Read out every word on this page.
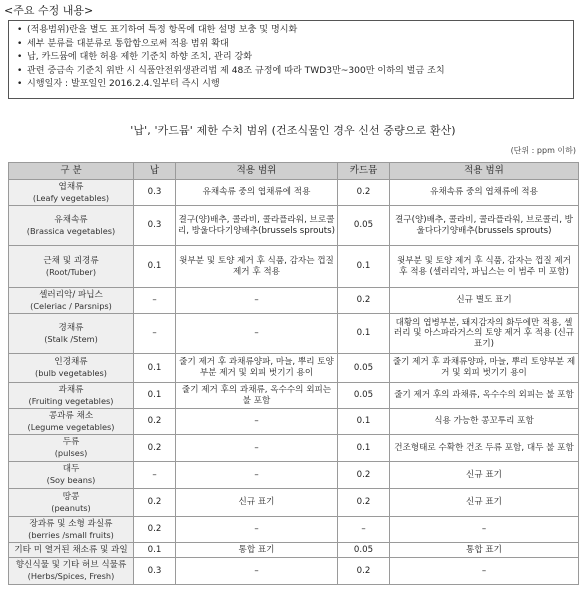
<주요 수정 내용>
• (적용범위)란을 별도 표기하여 특정 항목에 대한 설명 보충 및 명시화
• 세부 분류를 대분류로 통합함으로써 적용 범위 확대
• 납, 카드뮴에 대한 허용 제한 기준치 하향 조치, 관리 강화
• 관련 중금속 기준치 위반 시 식품안전위생관리법 제 48조 규정에 따라 TWD3만~300만 이하의 벌금 조치
• 시행일자 : 발포일인 2016.2.4.일부터 즉시 시행
'납', '카드뮴' 제한 수치 범위 (건조식물인 경우 신선 중량으로 환산)
(단위 : ppm 이하)
구 분	납	적용 범위	카드뮴	적용 범위

엽채류
(Leafy vegetables)	0.3	유채속류 중의 엽채류에 적용	0.2	유채속류 중의 엽채류에 적용

유채속류
(Brassica vegetables)	0.3	결구(양)배추, 콜라비, 콜라플라워, 브로콜리, 방울다다기양배추(brussels sprouts)	0.05	결구(양)배추, 콜라비, 콜라플라워, 브로콜리, 방울다다기양배추(brussels sprouts)

근채 및 괴경류
(Root/Tuber)	0.1	윗부분 및 토양 제거 후 식품, 감자는 껍질 제거 후 적용	0.1	윗부분 및 토양 제거 후 식품, 감자는 껍질 제거 후 적용 (셀러리악, 파닙스는 이 범주 미 포함)

셀러리악/ 파닙스
(Celeriac / Parsnips)	–	–	0.2	신규 별도 표기

경채류
(Stalk /Stem)	–	–	0.1	대황의 엽병부분, 돼지감자의 화두에만 적용, 셀러리 및 아스파라거스의 토양 제거 후 적용 (신규 표기)

인경채류
(bulb vegetables)	0.1	줄기 제거 후 과채류양파, 마늘, 뿌리 토양부분 제거 및 외피 벗기기 용이	0.05	줄기 제거 후 과채류양파, 마늘, 뿌리 토양부분 제거 및 외피 벗기기 용이

과채류
(Fruiting vegetables)	0.1	줄기 제거 후의 과채류, 옥수수의 외피는 불 포함	0.05	줄기 제거 후의 과채류, 옥수수의 외피는 불 포함

콩과류 채소
(Legume vegetables)	0.2	–	0.1	식용 가능한 콩꼬투리 포함

두류
(pulses)	0.2	–	0.1	건조형태로 수확한 건조 두류 포함, 대두 불 포함

대두
(Soy beans)	–	–	0.2	신규 표기

땅콩
(peanuts)	0.2	신규 표기	0.2	신규 표기

장과류 및 소형 과실류
(berries /small fruits)	0.2	–	–	–

기타 미 열거된 채소류 및 과일	0.1	통합 표기	0.05	통합 표기

향신식물 및 기타 허브 식물류
(Herbs/Spices, Fresh)	0.3	–	0.2	–
